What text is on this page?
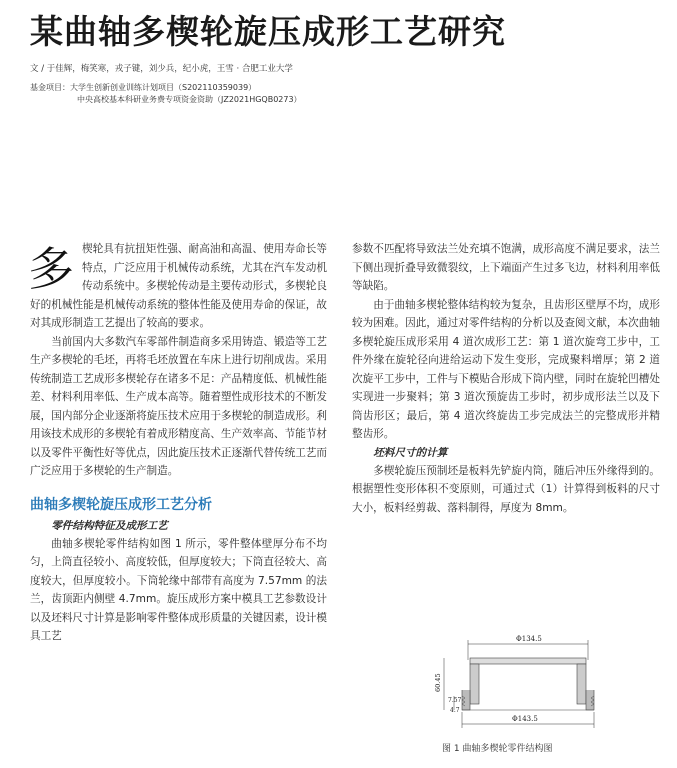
某曲轴多楔轮旋压成形工艺研究
文 / 于佳辉，梅笑寒，戎子键，刘少兵，纪小虎，王雪 · 合肥工业大学
基金项目：大学生创新创业训练计划项目（S202110359039）
中央高校基本科研业务费专项资金资助（JZ2021HGQB0273）

多楔轮具有抗扭矩性强、耐高油和高温、使用寿命长等特点，广泛应用于机械传动系统，尤其在汽车发动机传动系统中。多楔轮传动是主要传动形式，多楔轮良好的机械性能是机械传动系统的整体性能及使用寿命的保证，故对其成形制造工艺提出了较高的要求。

当前国内大多数汽车零部件制造商多采用铸造、锻造等工艺生产多楔轮的毛坯，再将毛坯放置在车床上进行切削成齿。采用传统制造工艺成形多楔轮存在诸多不足：产品精度低、机械性能差、材料利用率低、生产成本高等。随着塑性成形技术的不断发展，国内部分企业逐渐将旋压技术应用于多楔轮的制造成形。利用该技术成形的多楔轮有着成形精度高、生产效率高、节能节材以及零件平衡性好等优点，因此旋压技术正逐渐代替传统工艺而广泛应用于多楔轮的生产制造。

曲轴多楔轮旋压成形工艺分析
零件结构特征及成形工艺

曲轴多楔轮零件结构如图 1 所示，零件整体壁厚分布不均匀，上筒直径较小、高度较低，但厚度较大；下筒直径较大、高度较大，但厚度较小。下筒轮缘中部带有高度为 7.57mm 的法兰，齿顶距内侧壁 4.7mm。旋压成形方案中模具工艺参数设计以及坯料尺寸计算是影响零件整体成形质量的关键因素，设计模具工艺

参数不匹配将导致法兰处充填不饱满，成形高度不满足要求，法兰下侧出现折叠导致微裂纹，上下端面产生过多飞边，材料利用率低等缺陷。

由于曲轴多楔轮整体结构较为复杂，且齿形区壁厚不均，成形较为困难。因此，通过对零件结构的分析以及查阅文献，本次曲轴多楔轮旋压成形采用 4 道次成形工艺：第 1 道次旋弯工步中，工件外缘在旋轮径向进给运动下发生变形，完成聚料增厚；第 2 道次旋平工步中，工件与下模贴合形成下筒内壁，同时在旋轮凹槽处实现进一步聚料；第 3 道次预旋齿工步时，初步成形法兰以及下筒齿形区；最后，第 4 道次终旋齿工步完成法兰的完整成形并精整齿形。

坯料尺寸的计算

多楔轮旋压预制坯是板料先铲旋内筒，随后冲压外缘得到的。根据塑性变形体积不变原则，可通过式（1）计算得到板料的尺寸大小，板料经剪裁、落料制得，厚度为 8mm。

Φ134.5
60.45
7.57
4.7
Φ143.5
图 1 曲轴多楔轮零件结构图
